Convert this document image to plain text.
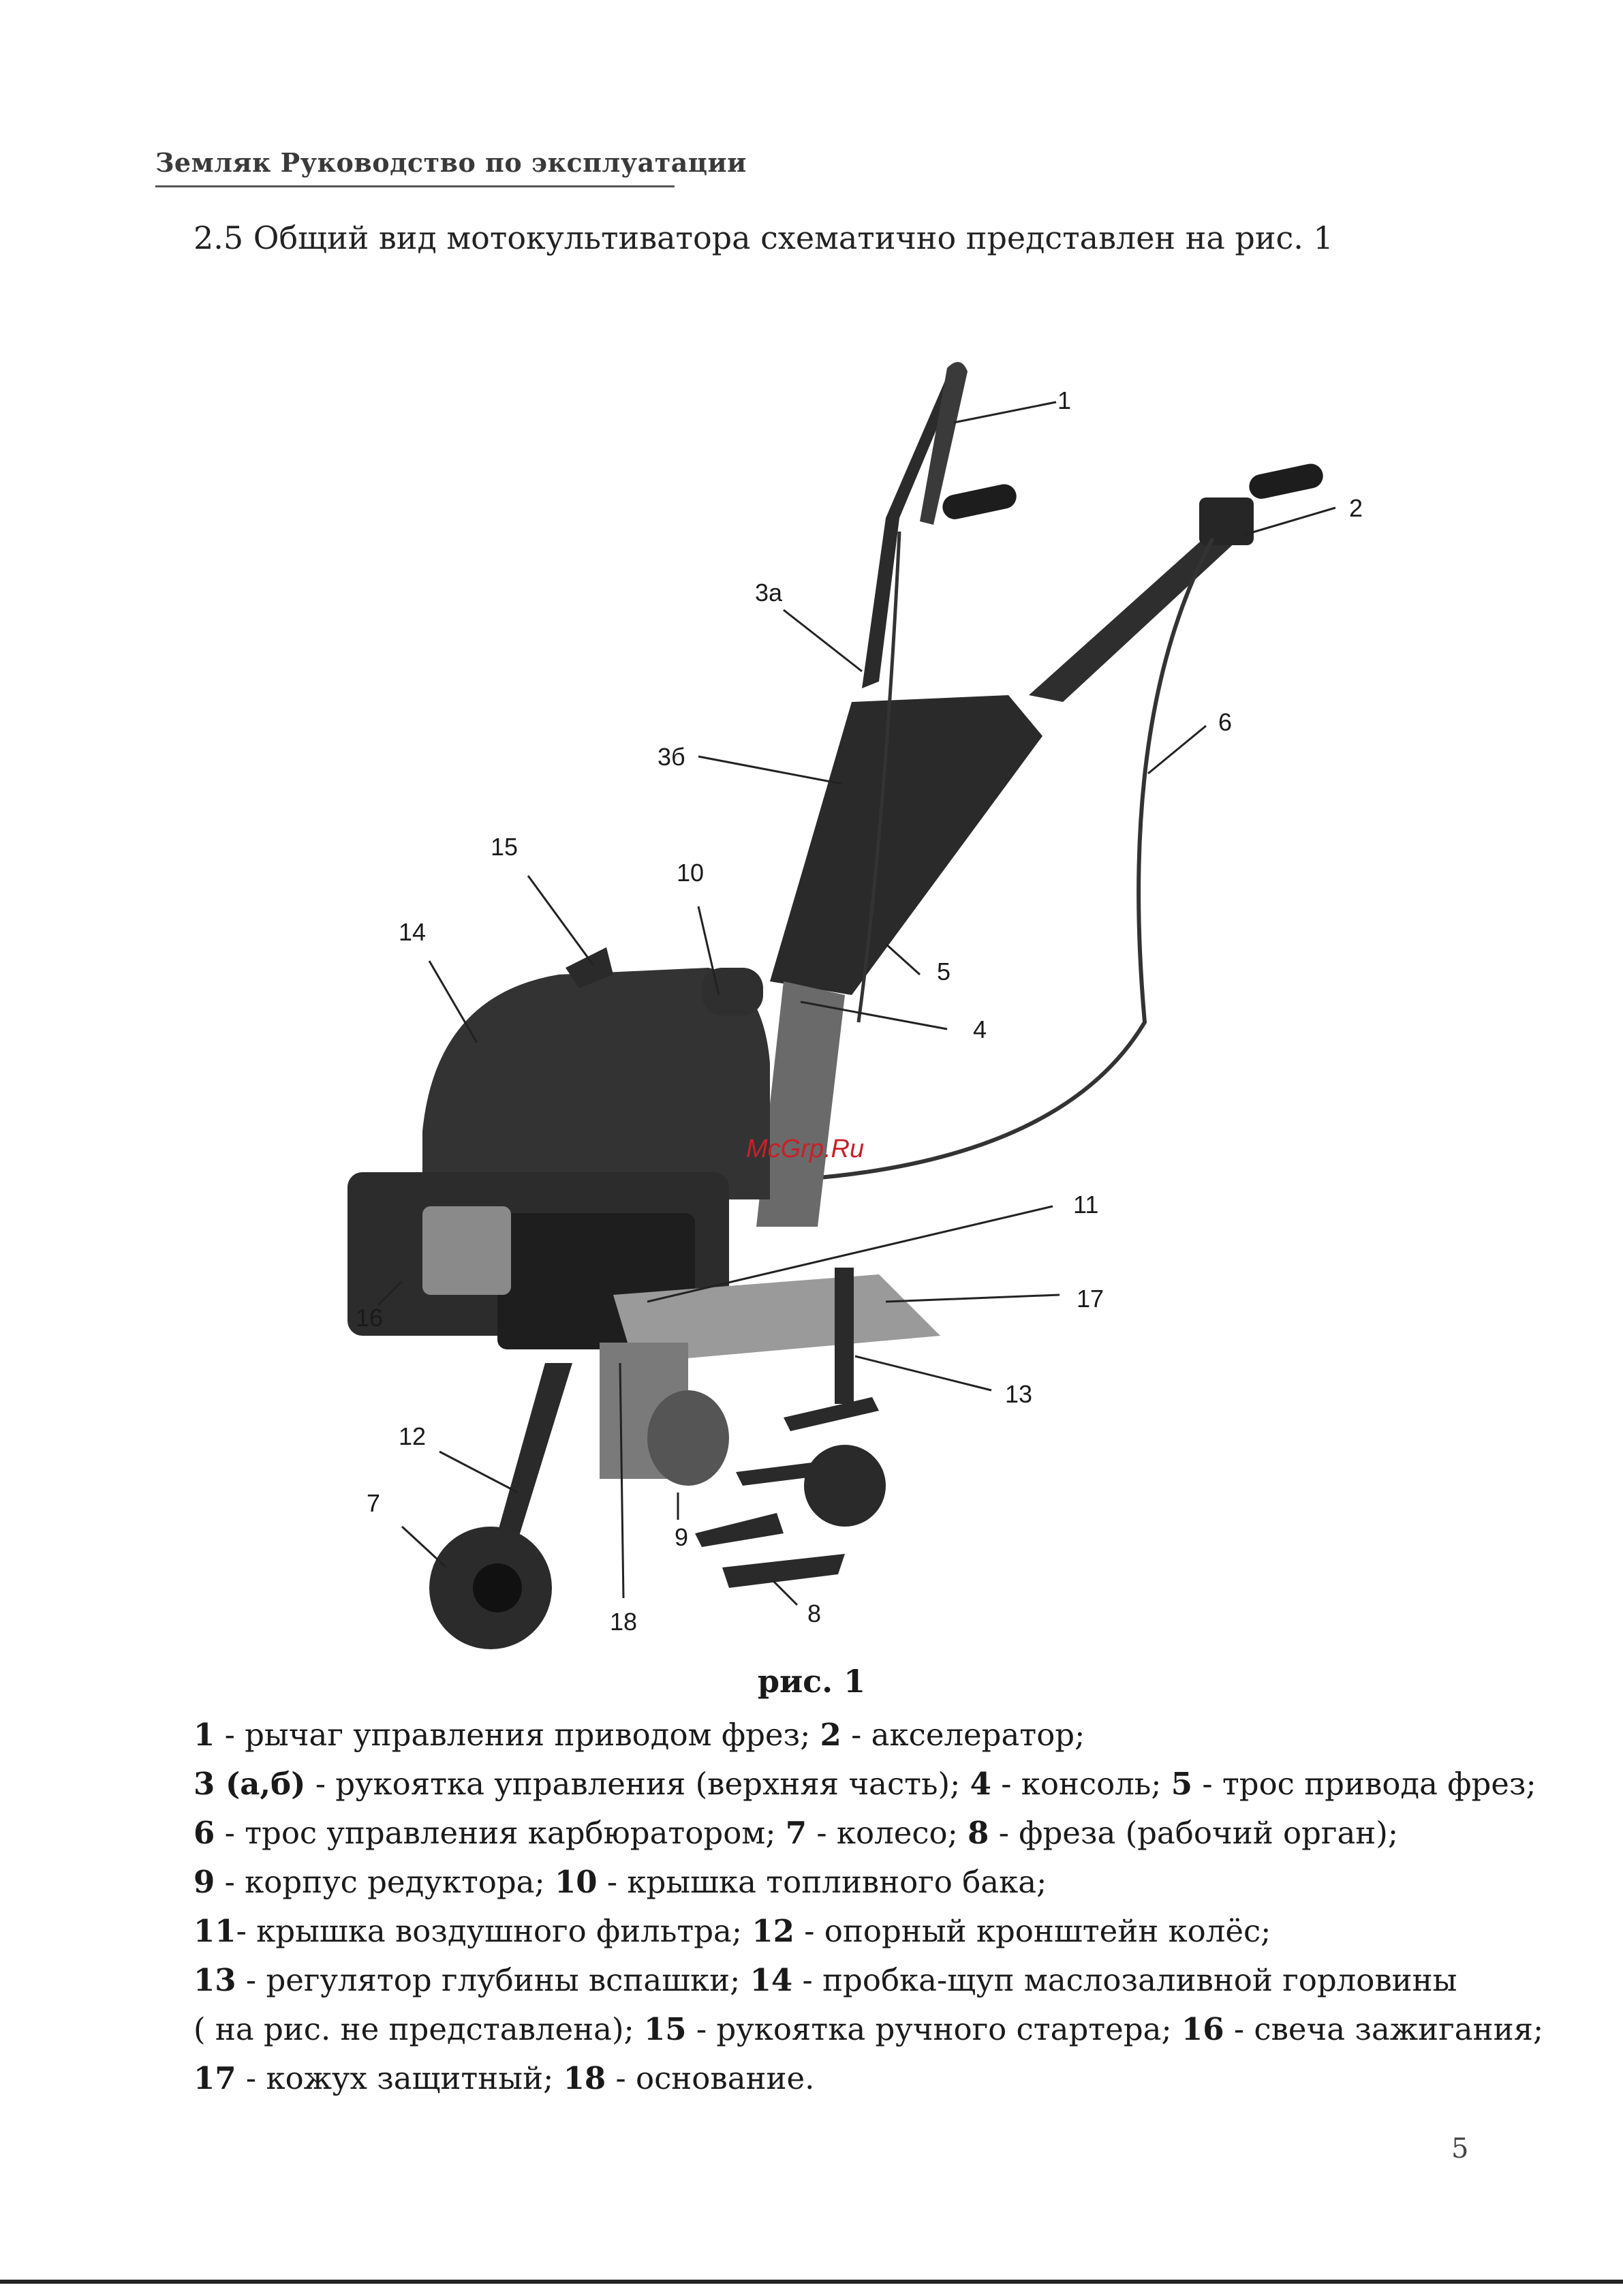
Земляк Руководство по эксплуатации
2.5 Общий вид мотокультиватора схематично представлен на рис. 1
1
2
3а
3б
4
5
6
7
8
9
10
11
12
13
14
15
16
17
18
McGrp.Ru
рис. 1
1 - рычаг управления приводом фрез; 2 - акселератор;
3 (а,б) - рукоятка управления (верхняя часть); 4 - консоль; 5 - трос привода фрез;
6 - трос управления карбюратором; 7 - колесо; 8 - фреза (рабочий орган);
9 - корпус редуктора; 10 - крышка топливного бака;
11- крышка воздушного фильтра; 12 - опорный кронштейн колёс;
13 - регулятор глубины вспашки; 14 - пробка-щуп маслозаливной горловины
( на рис. не представлена); 15 - рукоятка ручного стартера; 16 - свеча зажигания;
17 - кожух защитный; 18 - основание.
5
